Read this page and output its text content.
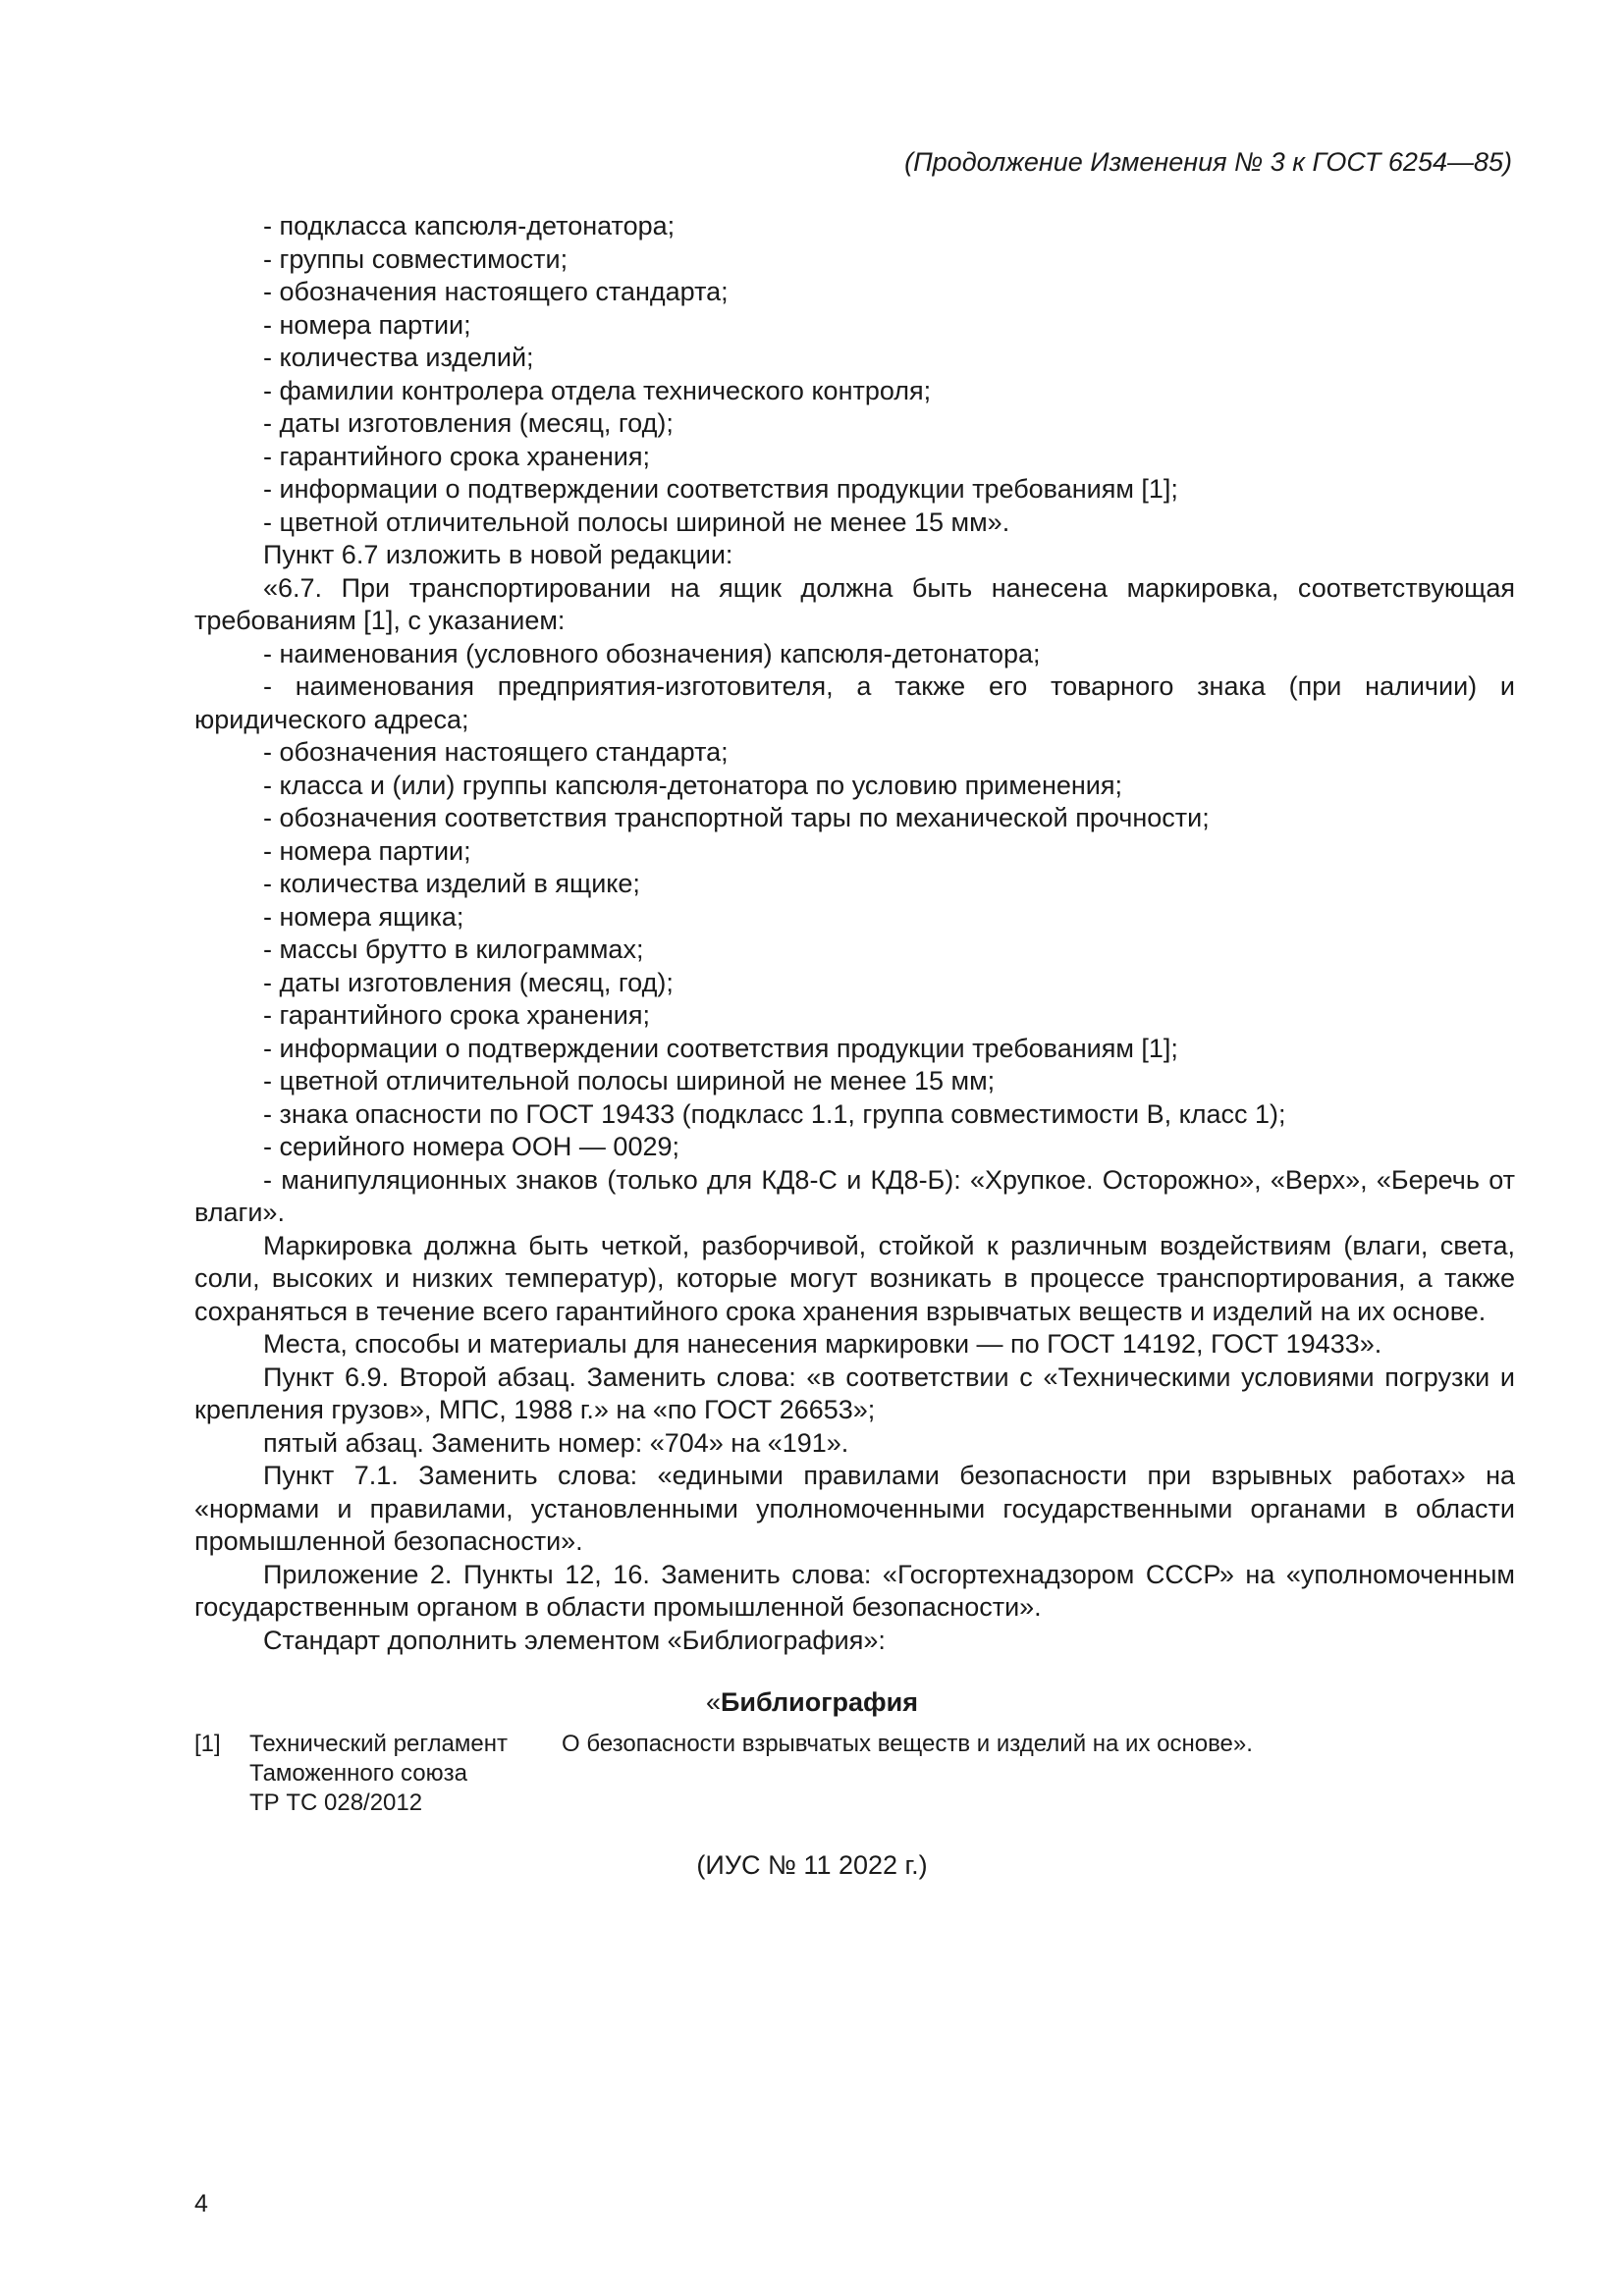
(Продолжение Изменения № 3 к ГОСТ 6254—85)

- подкласса капсюля-детонатора;

- группы совместимости;

- обозначения настоящего стандарта;

- номера партии;

- количества изделий;

- фамилии контролера отдела технического контроля;

- даты изготовления (месяц, год);

- гарантийного срока хранения;

- информации о подтверждении соответствия продукции требованиям [1];

- цветной отличительной полосы шириной не менее 15 мм».

Пункт 6.7 изложить в новой редакции:

«6.7. При транспортировании на ящик должна быть нанесена маркировка, соответствующая требованиям [1], с указанием:

- наименования (условного обозначения) капсюля-детонатора;

- наименования предприятия-изготовителя, а также его товарного знака (при наличии) и юридического адреса;

- обозначения настоящего стандарта;

- класса и (или) группы капсюля-детонатора по условию применения;

- обозначения соответствия транспортной тары по механической прочности;

- номера партии;

- количества изделий в ящике;

- номера ящика;

- массы брутто в килограммах;

- даты изготовления (месяц, год);

- гарантийного срока хранения;

- информации о подтверждении соответствия продукции требованиям [1];

- цветной отличительной полосы шириной не менее 15 мм;

- знака опасности по ГОСТ 19433 (подкласс 1.1, группа совместимости В, класс 1);

- серийного номера ООН — 0029;

- манипуляционных знаков (только для КД8-С и КД8-Б): «Хрупкое. Осторожно», «Верх», «Беречь от влаги».

Маркировка должна быть четкой, разборчивой, стойкой к различным воздействиям (влаги, света, соли, высоких и низких температур), которые могут возникать в процессе транспортирования, а также сохраняться в течение всего гарантийного срока хранения взрывчатых веществ и изделий на их основе.

Места, способы и материалы для нанесения маркировки — по ГОСТ 14192, ГОСТ 19433».

Пункт 6.9. Второй абзац. Заменить слова: «в соответствии с «Техническими условиями погрузки и крепления грузов», МПС, 1988 г.» на «по ГОСТ 26653»;

пятый абзац. Заменить номер: «704» на «191».

Пункт 7.1. Заменить слова: «едиными правилами безопасности при взрывных работах» на «нормами и правилами, установленными уполномоченными государственными органами в области промышленной безопасности».

Приложение 2. Пункты 12, 16. Заменить слова: «Госгортехнадзором СССР» на «уполномоченным государственным органом в области промышленной безопасности».

Стандарт дополнить элементом «Библиография»:

«Библиография
[1] Технический регламент
Таможенного союза
ТР ТС 028/2012
О безопасности взрывчатых веществ и изделий на их основе».
(ИУС № 11 2022 г.)
4
